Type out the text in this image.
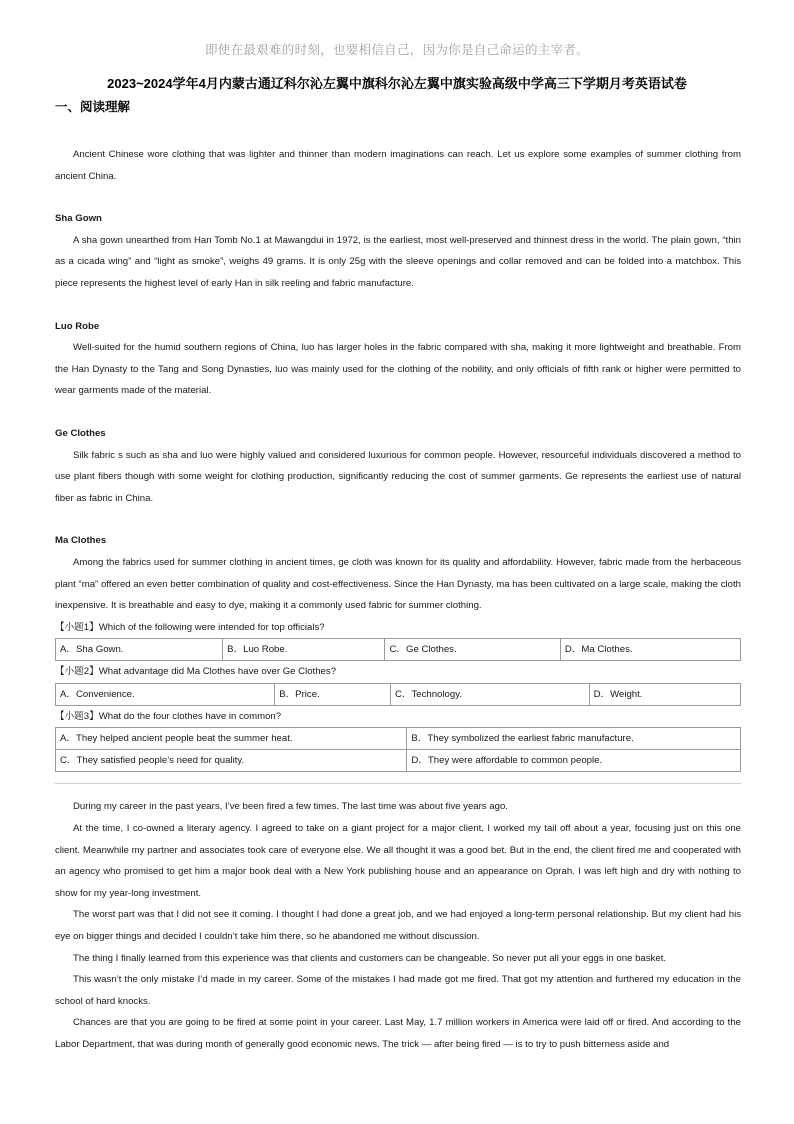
即使在最艰难的时刻，也要相信自己，因为你是自己命运的主宰者。
2023~2024学年4月内蒙古通辽科尔沁左翼中旗科尔沁左翼中旗实验高级中学高三下学期月考英语试卷
一、阅读理解

Ancient Chinese wore clothing that was lighter and thinner than modern imaginations can reach. Let us explore some examples of summer clothing from ancient China.

Sha Gown

A sha gown unearthed from Han Tomb No.1 at Mawangdui in 1972, is the earliest, most well-preserved and thinnest dress in the world. The plain gown, “thin as a cicada wing” and “light as smoke”, weighs 49 grams. It is only 25g with the sleeve openings and collar removed and can be folded into a matchbox. This piece represents the highest level of early Han in silk reeling and fabric manufacture.

Luo Robe

Well-suited for the humid southern regions of China, luo has larger holes in the fabric compared with sha, making it more lightweight and breathable. From the Han Dynasty to the Tang and Song Dynasties, luo was mainly used for the clothing of the nobility, and only officials of fifth rank or higher were permitted to wear garments made of the material.

Ge Clothes

Silk fabric s such as sha and luo were highly valued and considered luxurious for common people. However, resourceful individuals discovered a method to use plant fibers though with some weight for clothing production, significantly reducing the cost of summer garments. Ge represents the earliest use of natural fiber as fabric in China.

Ma Clothes

Among the fabrics used for summer clothing in ancient times, ge cloth was known for its quality and affordability. However, fabric made from the herbaceous plant “ma” offered an even better combination of quality and cost-effectiveness. Since the Han Dynasty, ma has been cultivated on a large scale, making the cloth inexpensive. It is breathable and easy to dye, making it a commonly used fabric for summer clothing.

【小题1】Which of the following were intended for top officials?

A．Sha Gown.	B．Luo Robe.	C．Ge Clothes.	D．Ma Clothes.

【小题2】What advantage did Ma Clothes have over Ge Clothes?

A．Convenience.	B．Price.	C．Technology.	D．Weight.

【小题3】What do the four clothes have in common?

A．They helped ancient people beat the summer heat.	B．They symbolized the earliest fabric manufacture.
C．They satisfied people’s need for quality.	D．They were affordable to common people.

During my career in the past years, I’ve been fired a few times. The last time was about five years ago.

At the time, I co-owned a literary agency. I agreed to take on a giant project for a major client. I worked my tail off about a year, focusing just on this one client. Meanwhile my partner and associates took care of everyone else. We all thought it was a good bet. But in the end, the client fired me and cooperated with an agency who promised to get him a major book deal with a New York publishing house and an appearance on Oprah. I was left high and dry with nothing to show for my year-long investment.

The worst part was that I did not see it coming. I thought I had done a great job, and we had enjoyed a long-term personal relationship. But my client had his eye on bigger things and decided I couldn’t take him there, so he abandoned me without discussion.

The thing I finally learned from this experience was that clients and customers can be changeable. So never put all your eggs in one basket.

This wasn’t the only mistake I’d made in my career. Some of the mistakes I had made got me fired. That got my attention and furthered my education in the school of hard knocks.

Chances are that you are going to be fired at some point in your career. Last May, 1.7 million workers in America were laid off or fired. And according to the Labor Department, that was during month of generally good economic news. The trick — after being fired — is to try to push bitterness aside and
